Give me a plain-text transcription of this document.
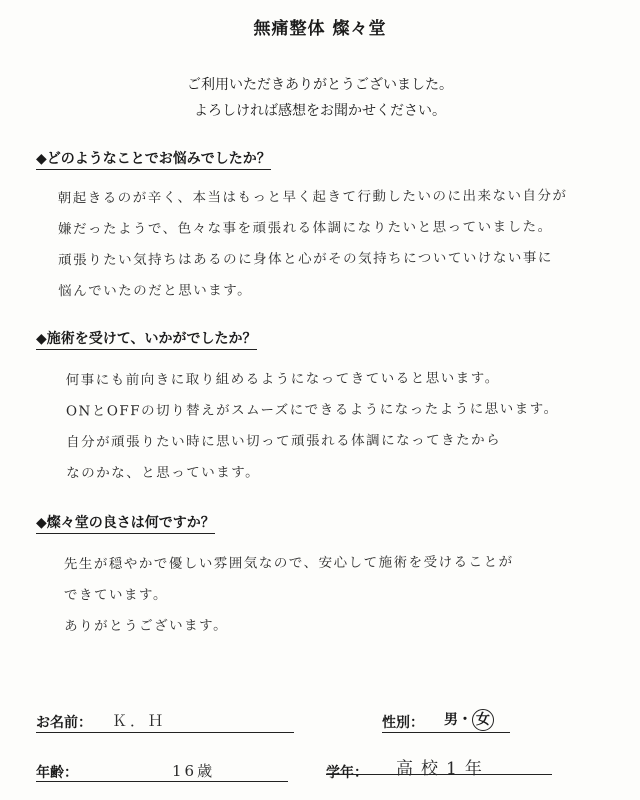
無痛整体 燦々堂
ご利用いただきありがとうございました。
よろしければ感想をお聞かせください。
◆どのようなことでお悩みでしたか？
朝起きるのが辛く、本当はもっと早く起きて行動したいのに出来ない自分が
嫌だったようで、色々な事を頑張れる体調になりたいと思っていました。
頑張りたい気持ちはあるのに身体と心がその気持ちについていけない事に
悩んでいたのだと思います。
◆施術を受けて、いかがでしたか？
何事にも前向きに取り組めるようになってきていると思います。
ONとOFFの切り替えがスムーズにできるようになったように思います。
自分が頑張りたい時に思い切って頑張れる体調になってきたから
なのかな、と思っています。
◆燦々堂の良さは何ですか？
先生が穏やかで優しい雰囲気なので、安心して施術を受けることが
できています。
ありがとうございます。
お名前： Ｋ．Ｈ	性別： 男・ 女
年齢：	16歳	学年： 高校1年
